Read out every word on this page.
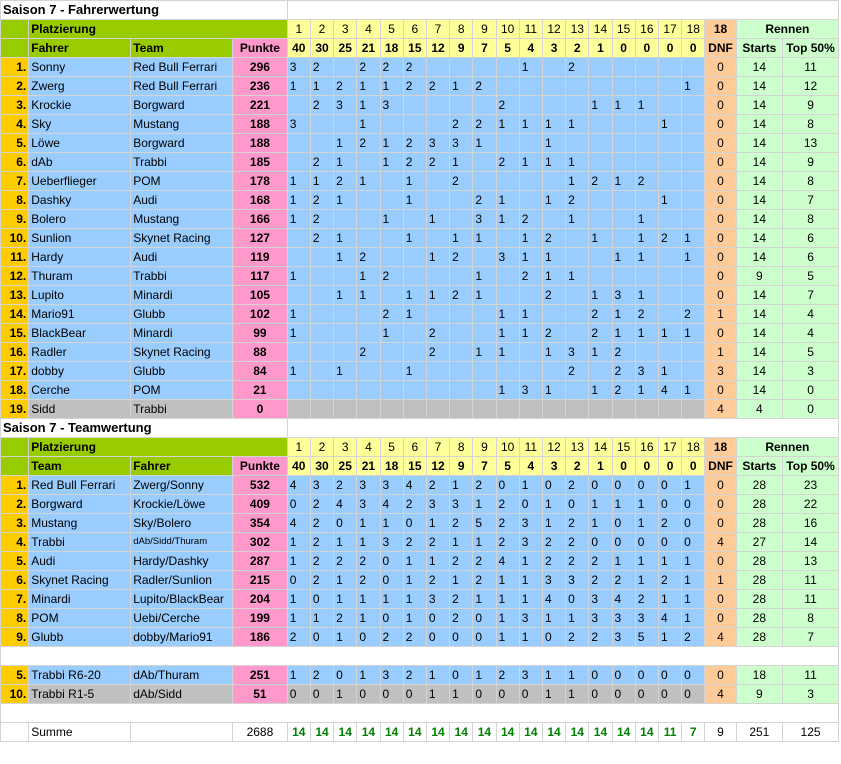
Saison 7 - Fahrerwertung																								
	Platzierung			1	2	3	4	5	6	7	8	9	10	11	12	13	14	15	16	17	18	18	Rennen	
	Fahrer	Team	Punkte	40	30	25	21	18	15	12	9	7	5	4	3	2	1	0	0	0	0	DNF	Starts	Top 50%
1.	Sonny	Red Bull Ferrari	296	3	2		2	2	2					1		2						0	14	11
2.	Zwerg	Red Bull Ferrari	236	1	1	2	1	1	2	2	1	2									1	0	14	12
3.	Krockie	Borgward	221		2	3	1	3					2				1	1	1			0	14	9
4.	Sky	Mustang	188	3			1				2	2	1	1	1	1				1		0	14	8
5.	Löwe	Borgward	188			1	2	1	2	3	3	1			1							0	14	13
6.	dAb	Trabbi	185		2	1		1	2	2	1		2	1	1	1						0	14	9
7.	Ueberflieger	POM	178	1	1	2	1		1		2					1	2	1	2			0	14	8
8.	Dashky	Audi	168	1	2	1			1			2	1		1	2				1		0	14	7
9.	Bolero	Mustang	166	1	2			1		1		3	1	2		1			1			0	14	8
10.	Sunlion	Skynet Racing	127		2	1			1		1	1		1	2		1		1	2	1	0	14	6
11.	Hardy	Audi	119			1	2			1	2		3	1	1			1	1		1	0	14	6
12.	Thuram	Trabbi	117	1			1	2				1		2	1	1						0	9	5
13.	Lupito	Minardi	105			1	1		1	1	2	1			2		1	3	1			0	14	7
14.	Mario91	Glubb	102	1				2	1				1	1			2	1	2		2	1	14	4
15.	BlackBear	Minardi	99	1				1		2			1	1	2		2	1	1	1	1	0	14	4
16.	Radler	Skynet Racing	88				2			2		1	1		1	3	1	2				1	14	5
17.	dobby	Glubb	84	1		1			1							2		2	3	1		3	14	3
18.	Cerche	POM	21										1	3	1		1	2	1	4	1	0	14	0
19.	Sidd	Trabbi	0																			4	4	0
Saison 7 - Teamwertung																								
	Platzierung			1	2	3	4	5	6	7	8	9	10	11	12	13	14	15	16	17	18	18	Rennen	
	Team	Fahrer	Punkte	40	30	25	21	18	15	12	9	7	5	4	3	2	1	0	0	0	0	DNF	Starts	Top 50%
1.	Red Bull Ferrari	Zwerg/Sonny	532	4	3	2	3	3	4	2	1	2	0	1	0	2	0	0	0	0	1	0	28	23
2.	Borgward	Krockie/Löwe	409	0	2	4	3	4	2	3	3	1	2	0	1	0	1	1	1	0	0	0	28	22
3.	Mustang	Sky/Bolero	354	4	2	0	1	1	0	1	2	5	2	3	1	2	1	0	1	2	0	0	28	16
4.	Trabbi	dAb/Sidd/Thuram	302	1	2	1	1	3	2	2	1	1	2	3	2	2	0	0	0	0	0	4	27	14
5.	Audi	Hardy/Dashky	287	1	2	2	2	0	1	1	2	2	4	1	2	2	2	1	1	1	1	0	28	13
6.	Skynet Racing	Radler/Sunlion	215	0	2	1	2	0	1	2	1	2	1	1	3	3	2	2	1	2	1	1	28	11
7.	Minardi	Lupito/BlackBear	204	1	0	1	1	1	1	3	2	1	1	1	4	0	3	4	2	1	1	0	28	11
8.	POM	Uebi/Cerche	199	1	1	2	1	0	1	0	2	0	1	3	1	1	3	3	3	4	1	0	28	8
9.	Glubb	dobby/Mario91	186	2	0	1	0	2	2	0	0	0	1	1	0	2	2	3	5	1	2	4	28	7

5.	Trabbi R6-20	dAb/Thuram	251	1	2	0	1	3	2	1	0	1	2	3	1	1	0	0	0	0	0	0	18	11
10.	Trabbi R1-5	dAb/Sidd	51	0	0	1	0	0	0	1	1	0	0	0	1	1	0	0	0	0	0	4	9	3

	Summe		2688	14	14	14	14	14	14	14	14	14	14	14	14	14	14	14	14	11	7	9	251	125
